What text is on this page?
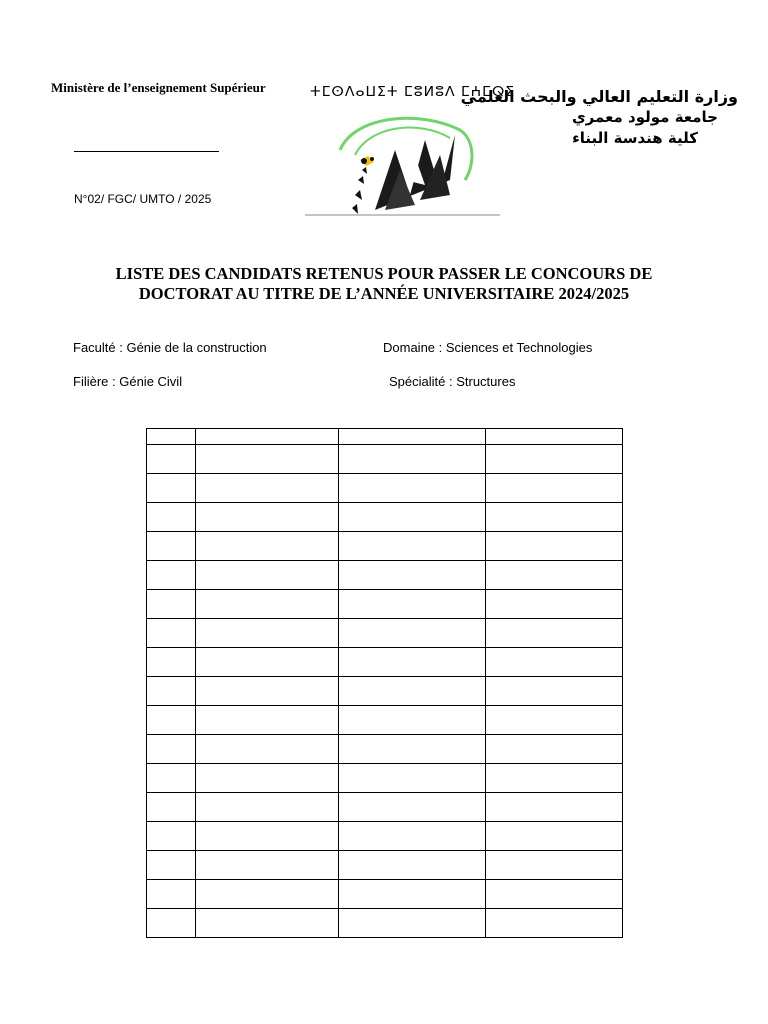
Ministère de l’enseignement Supérieur
N°02/ FGC/ UMTO / 2025
ⵜⵎⵙⴷⴰⵡⵉⵜ ⵎⵓⵍⵓⴷ ⵎⵄⵎⵕⵉ
وزارة التعليم العالي والبحث العلمي
جامعة مولود معمري
كلية هندسة البناء
LISTE DES CANDIDATS RETENUS POUR PASSER LE CONCOURS DE
DOCTORAT AU TITRE DE L’ANNÉE UNIVERSITAIRE 2024/2025
Faculté : Génie de la construction	Domaine : Sciences et Technologies
Filière : Génie Civil	Spécialité : Structures
